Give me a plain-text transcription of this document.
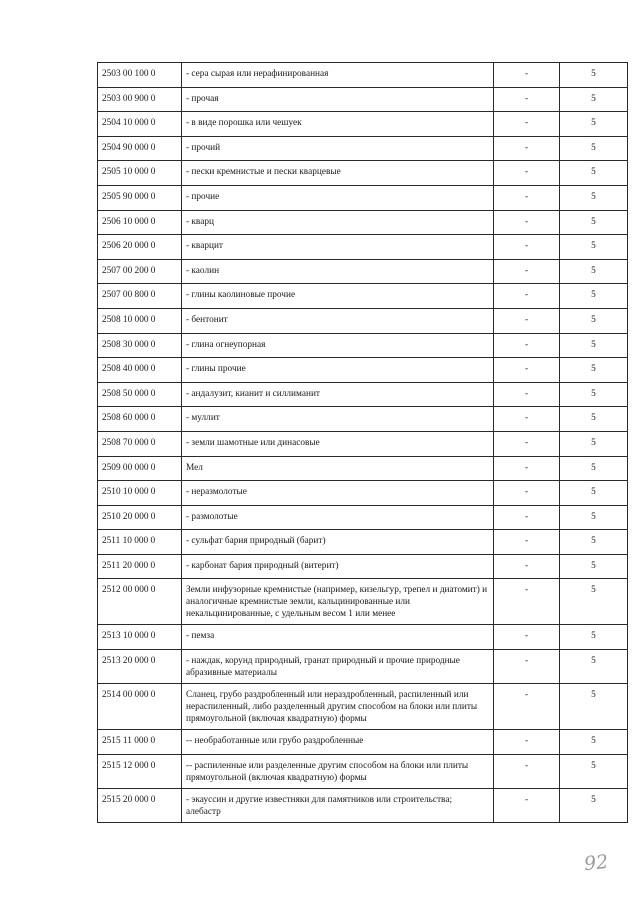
2503 00 100 0	- сера сырая или нерафинированная	-	5
2503 00 900 0	- прочая	-	5
2504 10 000 0	- в виде порошка или чешуек	-	5
2504 90 000 0	- прочий	-	5
2505 10 000 0	- пески кремнистые и пески кварцевые	-	5
2505 90 000 0	- прочие	-	5
2506 10 000 0	- кварц	-	5
2506 20 000 0	- кварцит	-	5
2507 00 200 0	- каолин	-	5
2507 00 800 0	- глины каолиновые прочие	-	5
2508 10 000 0	- бентонит	-	5
2508 30 000 0	- глина огнеупорная	-	5
2508 40 000 0	- глины прочие	-	5
2508 50 000 0	- андалузит, кианит и силлиманит	-	5
2508 60 000 0	- муллит	-	5
2508 70 000 0	- земли шамотные или динасовые	-	5
2509 00 000 0	Мел	-	5
2510 10 000 0	- неразмолотые	-	5
2510 20 000 0	- размолотые	-	5
2511 10 000 0	- сульфат бария природный (барит)	-	5
2511 20 000 0	- карбонат бария природный (витерит)	-	5
2512 00 000 0	Земли инфузорные кремнистые (например, кизельгур, трепел и диатомит) и аналогичные кремнистые земли, кальцинированные или некальцинированные, с удельным весом 1 или менее	-	5
2513 10 000 0	- пемза	-	5
2513 20 000 0	- наждак, корунд природный, гранат природный и прочие природные абразивные материалы	-	5
2514 00 000 0	Сланец, грубо раздробленный или нераздробленный, распиленный или нераспиленный, либо разделенный другим способом на блоки или плиты прямоугольной (включая квадратную) формы	-	5
2515 11 000 0	-- необработанные или грубо раздробленные	-	5
2515 12 000 0	-- распиленные или разделенные другим способом на блоки или плиты прямоугольной (включая квадратную) формы	-	5
2515 20 000 0	- экауссин и другие известняки для памятников или строительства; алебастр	-	5
92
